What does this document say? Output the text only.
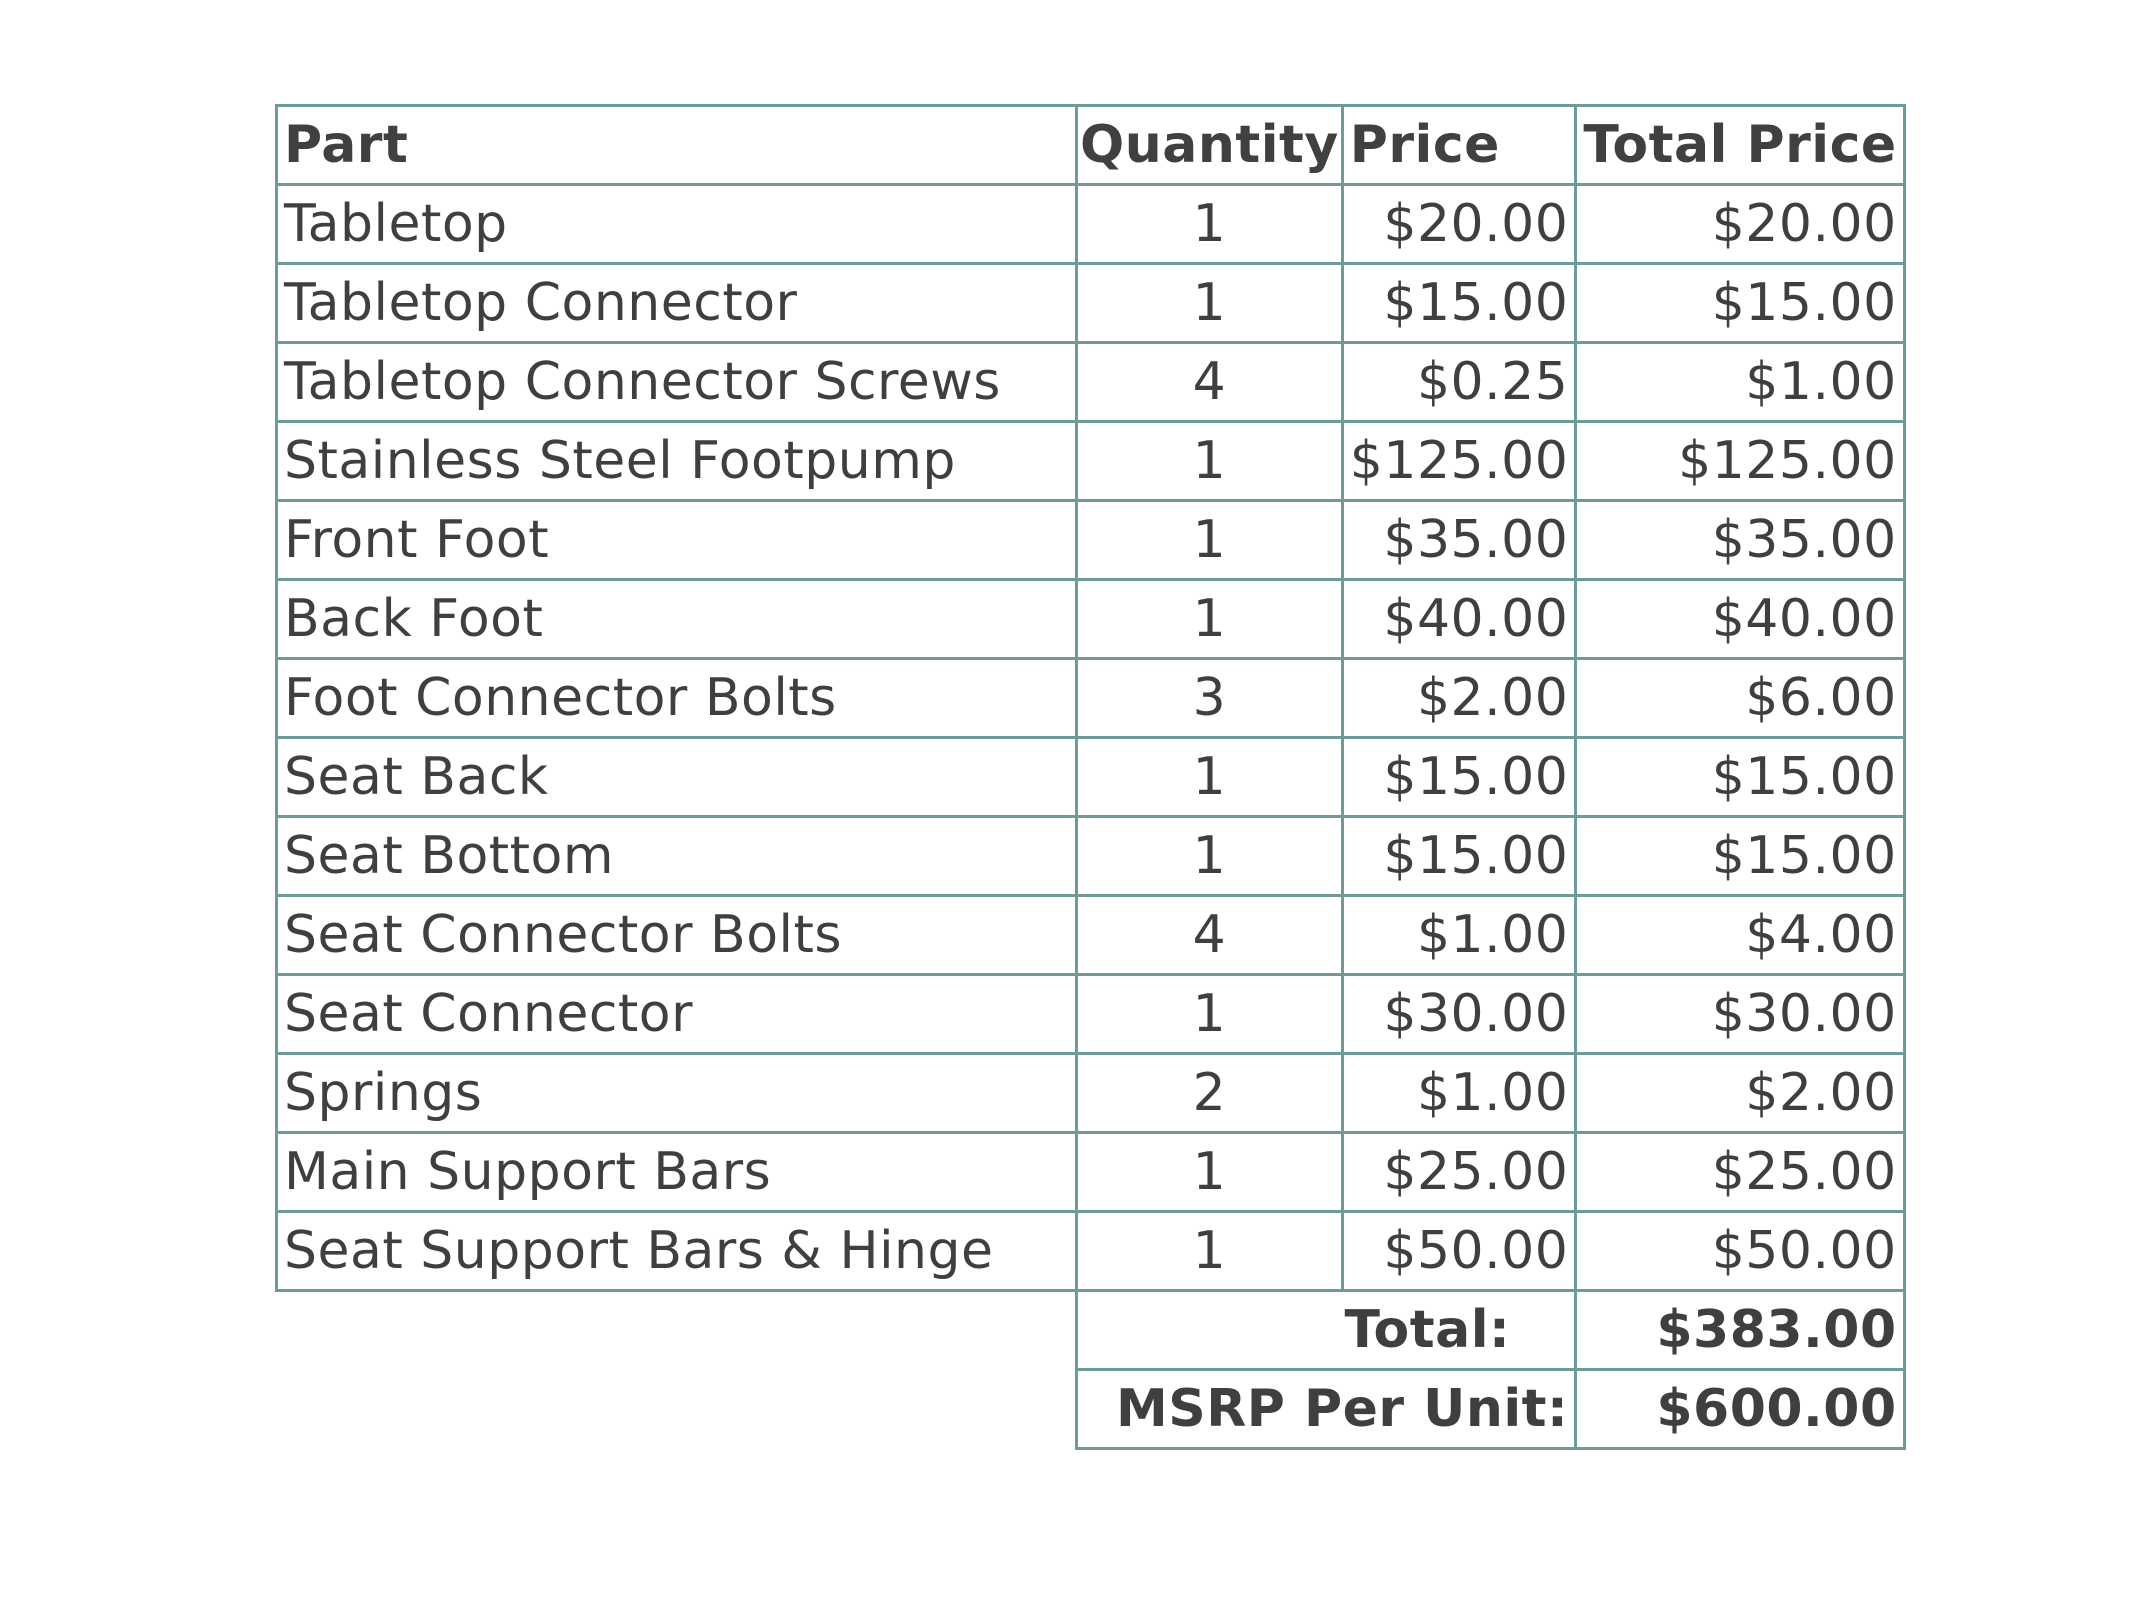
Part	Quantity	Price	Total Price
Tabletop	1	$20.00	$20.00
Tabletop Connector	1	$15.00	$15.00
Tabletop Connector Screws	4	$0.25	$1.00
Stainless Steel Footpump	1	$125.00	$125.00
Front Foot	1	$35.00	$35.00
Back Foot	1	$40.00	$40.00
Foot Connector Bolts	3	$2.00	$6.00
Seat Back	1	$15.00	$15.00
Seat Bottom	1	$15.00	$15.00
Seat Connector Bolts	4	$1.00	$4.00
Seat Connector	1	$30.00	$30.00
Springs	2	$1.00	$2.00
Main Support Bars	1	$25.00	$25.00
Seat Support Bars & Hinge	1	$50.00	$50.00
	Total:		$383.00
	MSRP Per Unit:		$600.00
